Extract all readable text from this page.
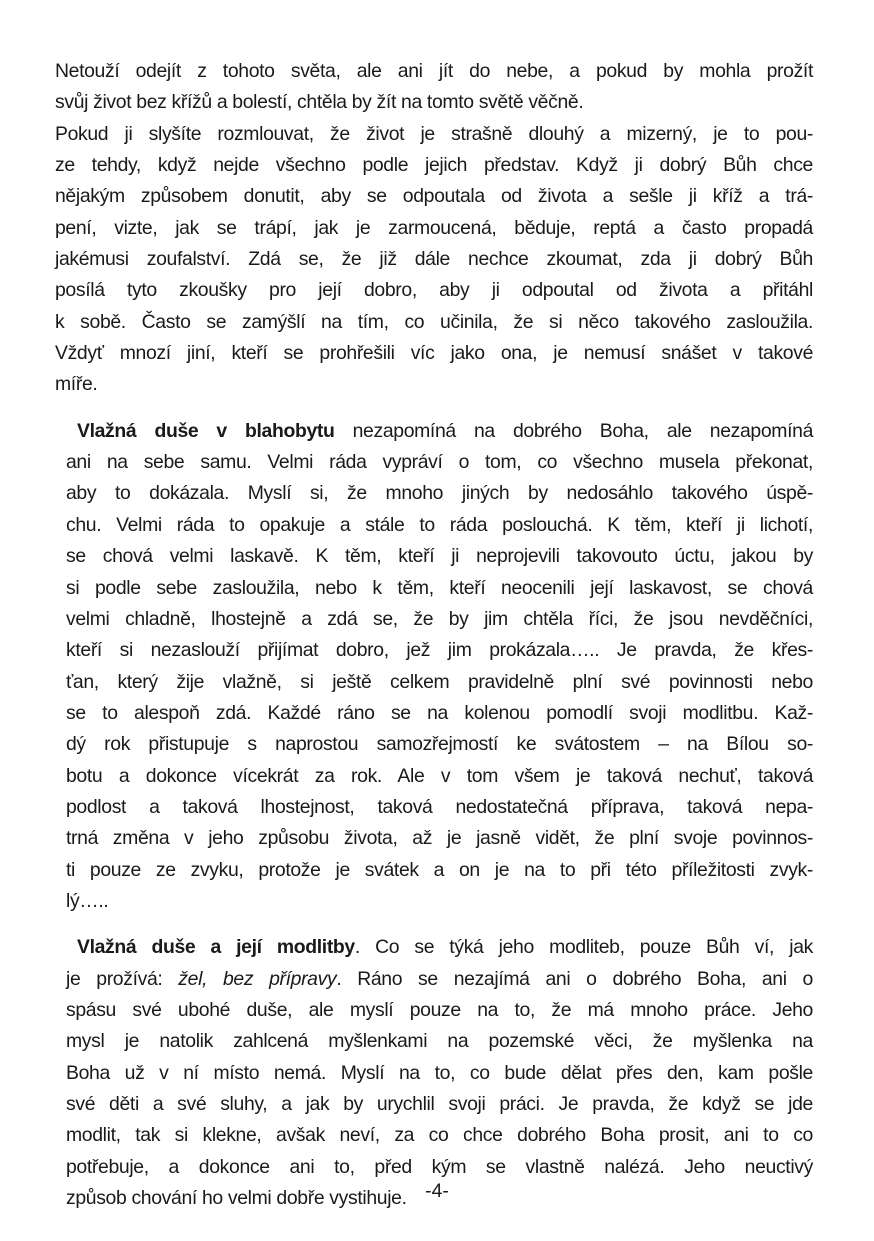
Netouží odejít z tohoto světa, ale ani jít do nebe, a pokud by mohla prožít
svůj život bez křížů a bolestí, chtěla by žít na tomto světě věčně.

Pokud ji slyšíte rozmlouvat, že život je strašně dlouhý a mizerný, je to pou-
ze tehdy, když nejde všechno podle jejich představ. Když ji dobrý Bůh chce
nějakým způsobem donutit, aby se odpoutala od života a sešle ji kříž a trá-
pení, vizte, jak se trápí, jak je zarmoucená, běduje, reptá a často propadá
jakémusi zoufalství. Zdá se, že již dále nechce zkoumat, zda ji dobrý Bůh
posílá tyto zkoušky pro její dobro, aby ji odpoutal od života a přitáhl
k sobě. Často se zamýšlí na tím, co učinila, že si něco takového zasloužila.
Vždyť mnozí jiní, kteří se prohřešili víc jako ona, je nemusí snášet v takové
míře.

Vlažná duše v blahobytu nezapomíná na dobrého Boha, ale nezapomíná
ani na sebe samu. Velmi ráda vypráví o tom, co všechno musela překonat,
aby to dokázala. Myslí si, že mnoho jiných by nedosáhlo takového úspě-
chu. Velmi ráda to opakuje a stále to ráda poslouchá. K těm, kteří ji lichotí,
se chová velmi laskavě. K těm, kteří ji neprojevili takovouto úctu, jakou by
si podle sebe zasloužila, nebo k těm, kteří neocenili její laskavost, se chová
velmi chladně, lhostejně a zdá se, že by jim chtěla říci, že jsou nevděčníci,
kteří si nezaslouží přijímat dobro, jež jim prokázala….. Je pravda, že křes-
ťan, který žije vlažně, si ještě celkem pravidelně plní své povinnosti nebo
se to alespoň zdá. Každé ráno se na kolenou pomodlí svoji modlitbu. Kaž-
dý rok přistupuje s naprostou samozřejmostí ke svátostem – na Bílou so-
botu a dokonce vícekrát za rok. Ale v tom všem je taková nechuť, taková
podlost a taková lhostejnost, taková nedostatečná příprava, taková nepa-
trná změna v jeho způsobu života, až je jasně vidět, že plní svoje povinnos-
ti pouze ze zvyku, protože je svátek a on je na to při této příležitosti zvyk-
lý…..

Vlažná duše a její modlitby. Co se týká jeho modliteb, pouze Bůh ví, jak
je prožívá: žel, bez přípravy. Ráno se nezajímá ani o dobrého Boha, ani o
spásu své ubohé duše, ale myslí pouze na to, že má mnoho práce. Jeho
mysl je natolik zahlcená myšlenkami na pozemské věci, že myšlenka na
Boha už v ní místo nemá. Myslí na to, co bude dělat přes den, kam pošle
své děti a své sluhy, a jak by urychlil svoji práci. Je pravda, že když se jde
modlit, tak si klekne, avšak neví, za co chce dobrého Boha prosit, ani to co
potřebuje, a dokonce ani to, před kým se vlastně nalézá. Jeho neuctivý
způsob chování ho velmi dobře vystihuje. -4-
